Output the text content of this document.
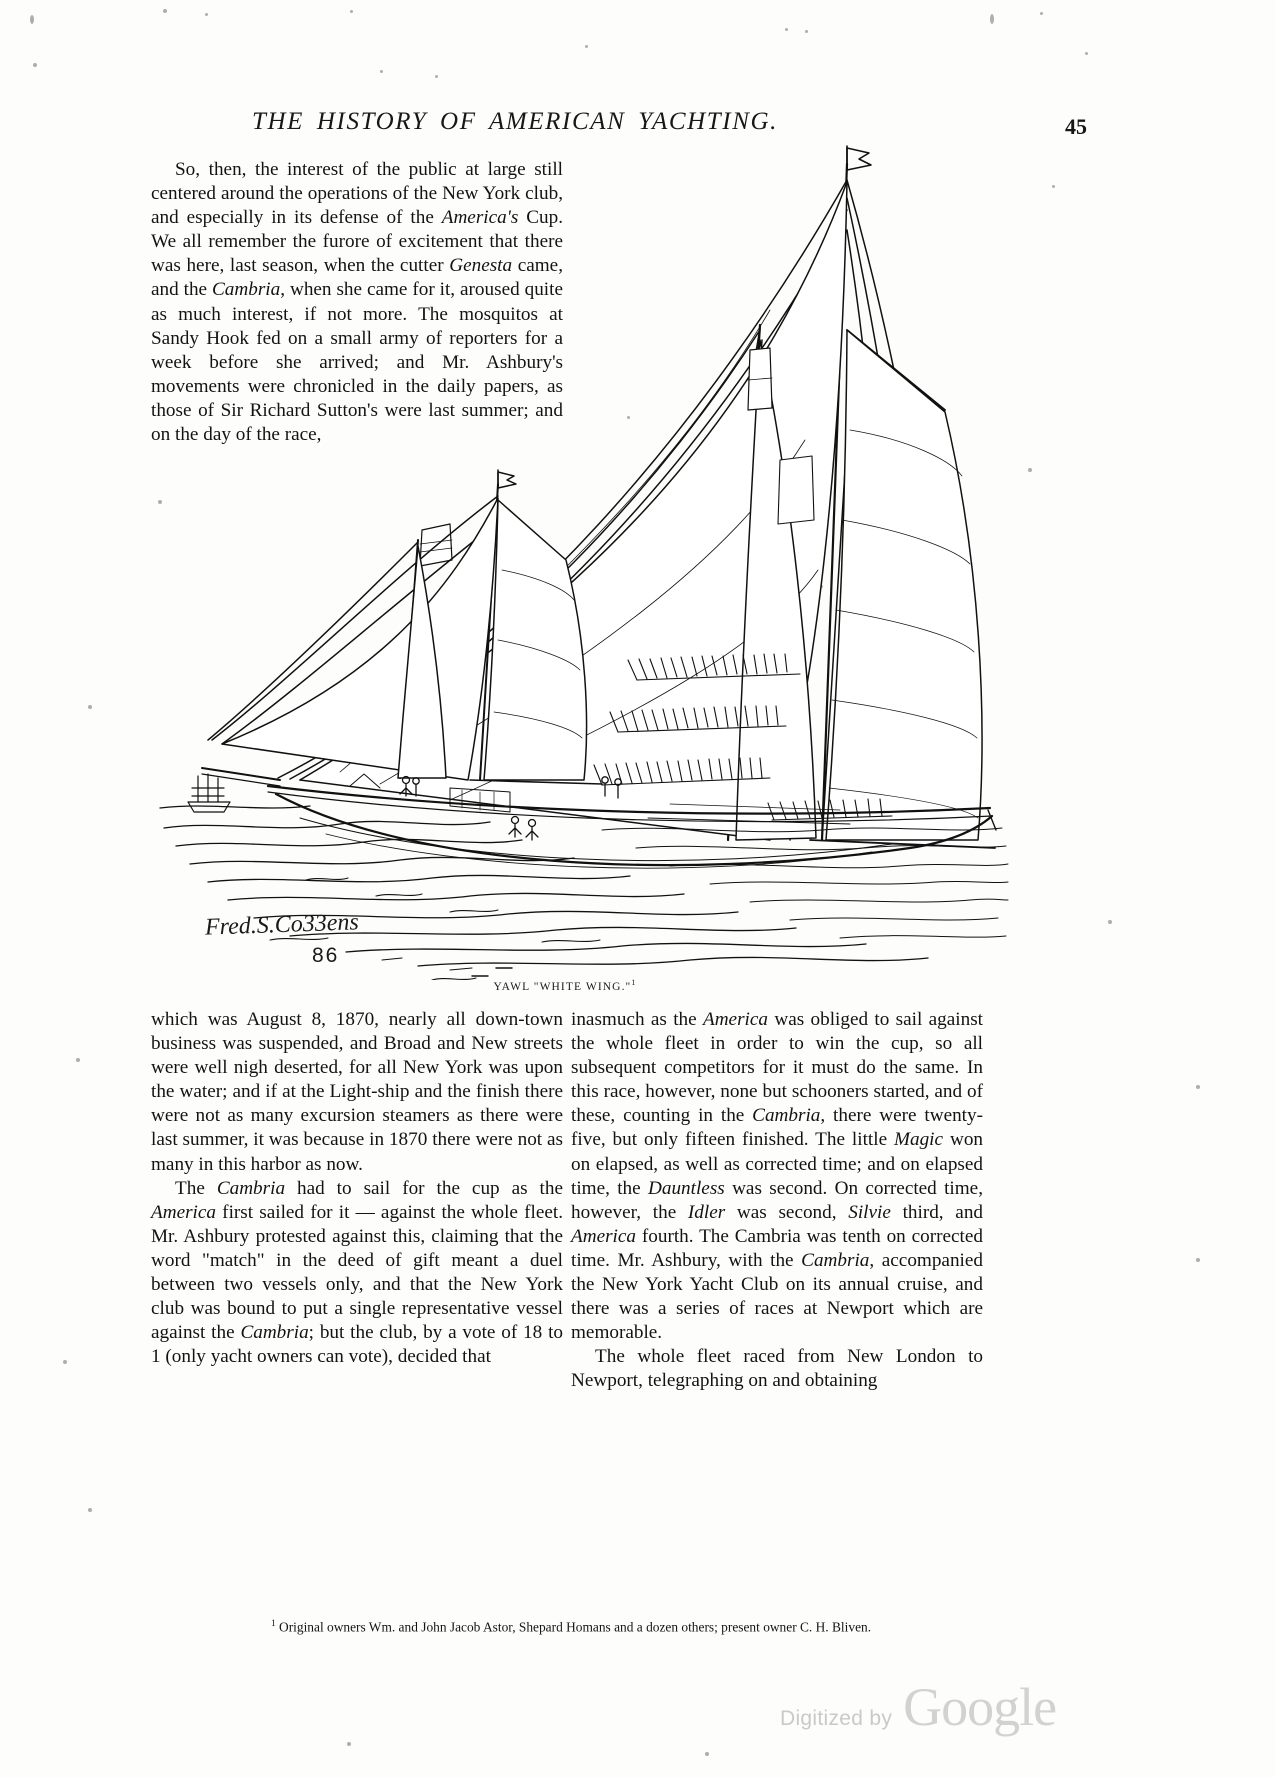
THE HISTORY OF AMERICAN YACHTING.	45
Fred.S.Co33ens
86
YAWL "WHITE WING."$^1$

So, then, the interest of the public at large still centered around the operations of the New York club, and especially in its defense of the America's Cup. We all remember the furore of excitement that there was here, last season, when the cutter Genesta came, and the Cambria, when she came for it, aroused quite as much interest, if not more. The mosquitos at Sandy Hook fed on a small army of reporters for a week before she arrived; and Mr. Ashbury's movements were chronicled in the daily papers, as those of Sir Richard Sutton's were last summer; and on the day of the race,

which was August 8, 1870, nearly all down-town business was suspended, and Broad and New streets were well nigh deserted, for all New York was upon the water; and if at the Light-ship and the finish there were not as many excursion steamers as there were last summer, it was because in 1870 there were not as many in this harbor as now.

The Cambria had to sail for the cup as the America first sailed for it — against the whole fleet. Mr. Ashbury protested against this, claiming that the word "match" in the deed of gift meant a duel between two vessels only, and that the New York club was bound to put a single representative vessel against the Cambria; but the club, by a vote of 18 to 1 (only yacht owners can vote), decided that

inasmuch as the America was obliged to sail against the whole fleet in order to win the cup, so all subsequent competitors for it must do the same. In this race, however, none but schooners started, and of these, counting in the Cambria, there were twenty-five, but only fifteen finished. The little Magic won on elapsed, as well as corrected time; and on elapsed time, the Dauntless was second. On corrected time, however, the Idler was second, Silvie third, and America fourth. The Cambria was tenth on corrected time. Mr. Ashbury, with the Cambria, accompanied the New York Yacht Club on its annual cruise, and there was a series of races at Newport which are memorable.

The whole fleet raced from New London to Newport, telegraphing on and obtaining

$^1$ Original owners Wm. and John Jacob Astor, Shepard Homans and a dozen others; present owner C. H. Bliven.
Digitized by Google
